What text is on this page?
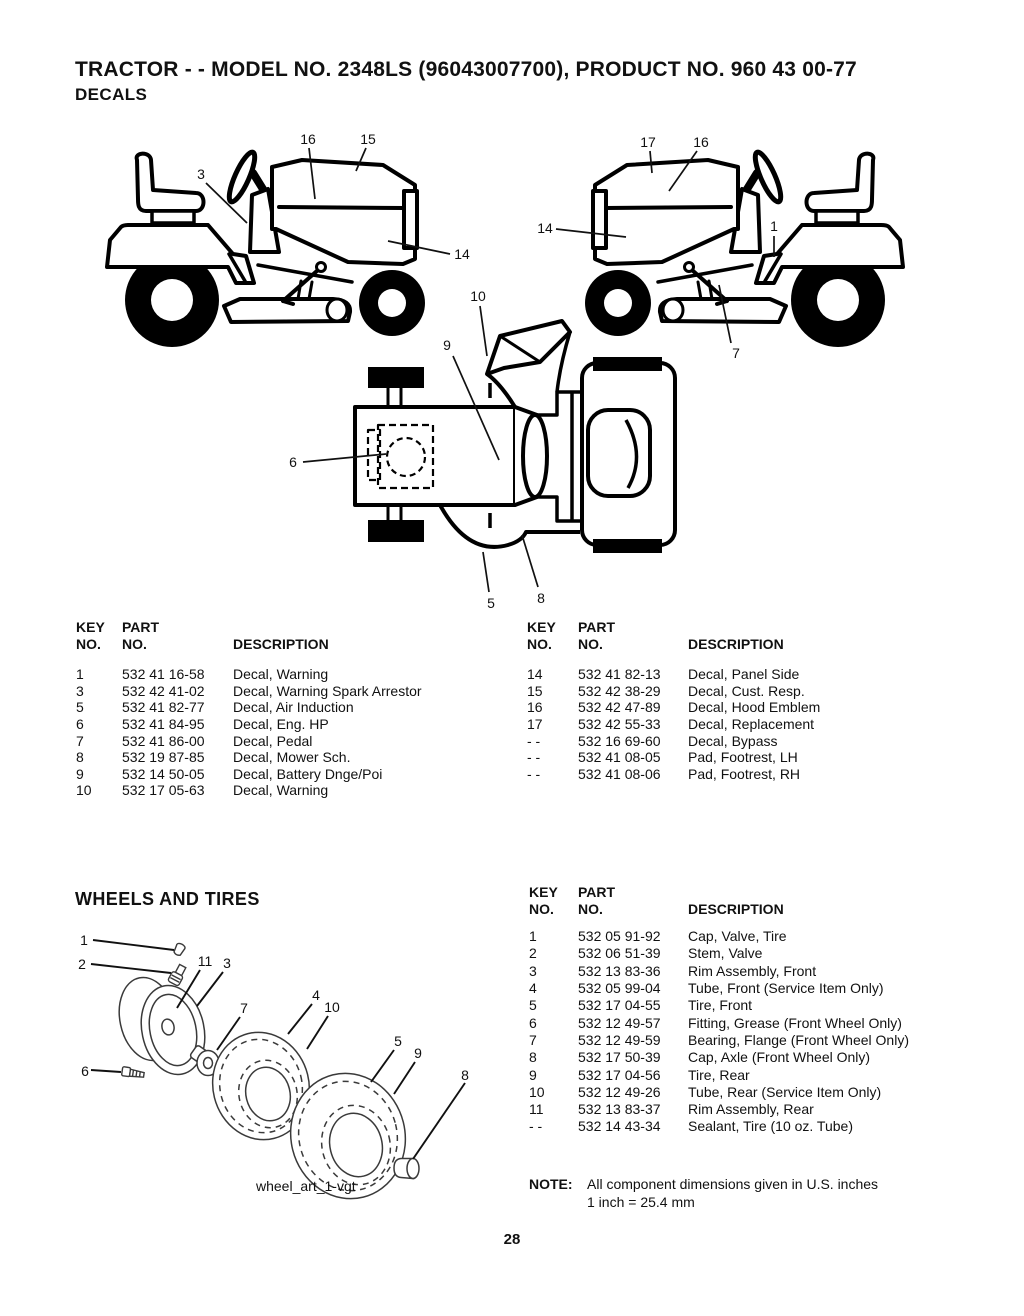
TRACTOR - - MODEL NO. 2348LS (96043007700), PRODUCT NO. 960 43 00-77
DECALS
16	15
3
14
10
9
6
5	8
17	16
14	1
7
KEY
NO.
PART
NO.	DESCRIPTION
1	532 41 16-58	Decal, Warning
3	532 42 41-02	Decal, Warning Spark Arrestor
5	532 41 82-77	Decal, Air Induction
6	532 41 84-95	Decal, Eng. HP
7	532 41 86-00	Decal, Pedal
8	532 19 87-85	Decal, Mower Sch.
9	532 14 50-05	Decal, Battery Dnge/Poi
10	532 17 05-63	Decal, Warning
KEY
NO.
PART
NO.	DESCRIPTION
14	532 41 82-13	Decal, Panel Side
15	532 42 38-29	Decal, Cust. Resp.
16	532 42 47-89	Decal, Hood Emblem
17	532 42 55-33	Decal, Replacement
- -	532 16 69-60	Decal, Bypass
- -	532 41 08-05	Pad, Footrest, LH
- -	532 41 08-06	Pad, Footrest, RH
WHEELS AND TIRES
1
2	11 3
7
4
10
5
9
6	8
wheel_art_1-vgt
KEY
NO.
PART
NO.	DESCRIPTION
1	532 05 91-92	Cap, Valve, Tire
2	532 06 51-39	Stem, Valve
3	532 13 83-36	Rim Assembly, Front
4	532 05 99-04	Tube, Front (Service Item Only)
5	532 17 04-55	Tire, Front
6	532 12 49-57	Fitting, Grease (Front Wheel Only)
7	532 12 49-59	Bearing, Flange (Front Wheel Only)
8	532 17 50-39	Cap, Axle (Front Wheel Only)
9	532 17 04-56	Tire, Rear
10	532 12 49-26	Tube, Rear (Service Item Only)
11	532 13 83-37	Rim Assembly, Rear
- -	532 14 43-34	Sealant, Tire (10 oz. Tube)
NOTE:	All component dimensions given in U.S. inches
1 inch = 25.4 mm
28
